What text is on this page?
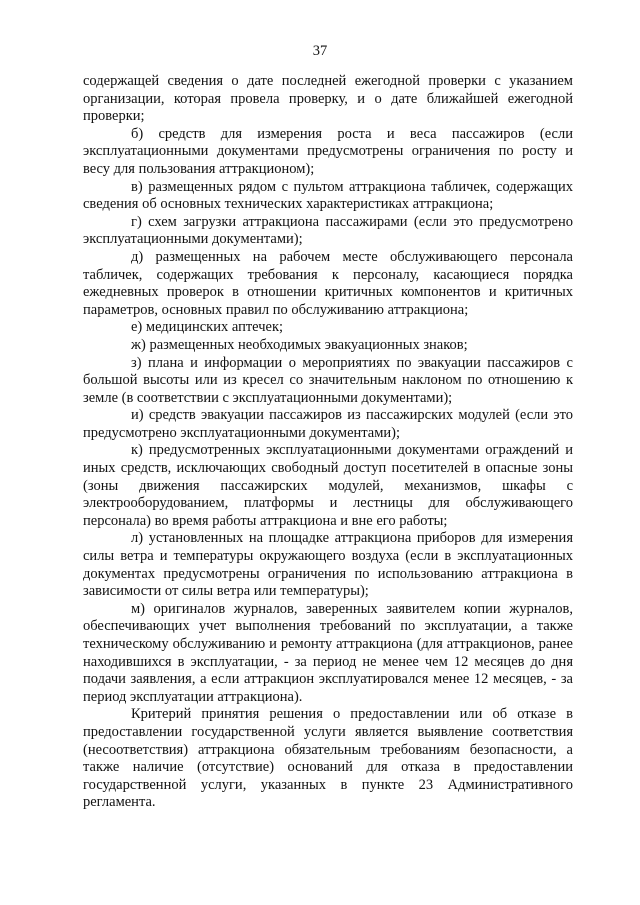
37

содержащей сведения о дате последней ежегодной проверки с указанием организации, которая провела проверку, и о дате ближайшей ежегодной проверки;

б) средств для измерения роста и веса пассажиров (если эксплуатационными документами предусмотрены ограничения по росту и весу для пользования аттракционом);

в) размещенных рядом с пультом аттракциона табличек, содержащих сведения об основных технических характеристиках аттракциона;

г) схем загрузки аттракциона пассажирами (если это предусмотрено эксплуатационными документами);

д) размещенных на рабочем месте обслуживающего персонала табличек, содержащих требования к персоналу, касающиеся порядка ежедневных проверок в отношении критичных компонентов и критичных параметров, основных правил по обслуживанию аттракциона;

е) медицинских аптечек;

ж) размещенных необходимых эвакуационных знаков;

з) плана и информации о мероприятиях по эвакуации пассажиров с большой высоты или из кресел со значительным наклоном по отношению к земле (в соответствии с эксплуатационными документами);

и) средств эвакуации пассажиров из пассажирских модулей (если это предусмотрено эксплуатационными документами);

к) предусмотренных эксплуатационными документами ограждений и иных средств, исключающих свободный доступ посетителей в опасные зоны (зоны движения пассажирских модулей, механизмов, шкафы с электрооборудованием, платформы и лестницы для обслуживающего персонала) во время работы аттракциона и вне его работы;

л) установленных на площадке аттракциона приборов для измерения силы ветра и температуры окружающего воздуха (если в эксплуатационных документах предусмотрены ограничения по использованию аттракциона в зависимости от силы ветра или температуры);

м) оригиналов журналов, заверенных заявителем копии журналов, обеспечивающих учет выполнения требований по эксплуатации, а также техническому обслуживанию и ремонту аттракциона (для аттракционов, ранее находившихся в эксплуатации, - за период не менее чем 12 месяцев до дня подачи заявления, а если аттракцион эксплуатировался менее 12 месяцев, - за период эксплуатации аттракциона).

Критерий принятия решения о предоставлении или об отказе в предоставлении государственной услуги является выявление соответствия (несоответствия) аттракциона обязательным требованиям безопасности, а также наличие (отсутствие) оснований для отказа в предоставлении государственной услуги, указанных в пункте 23 Административного регламента.
